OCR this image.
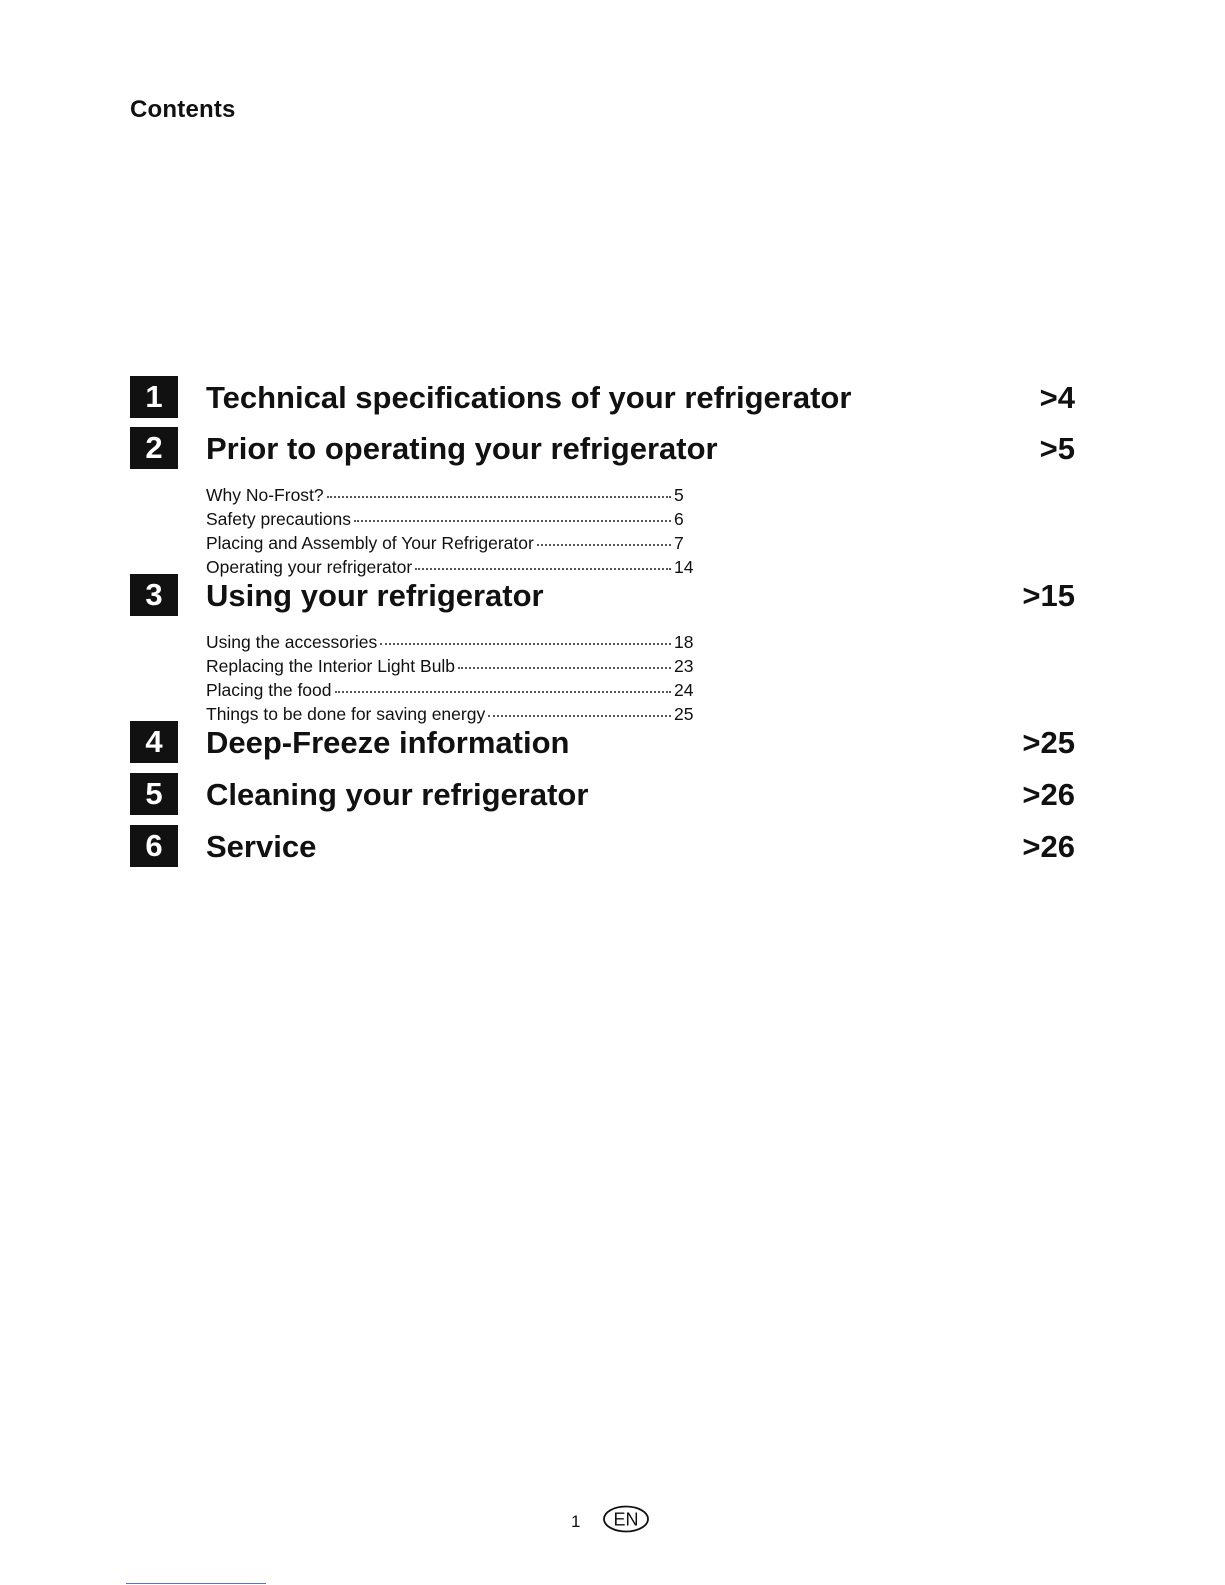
Contents
1	Technical specifications of your refrigerator	>4
2	Prior to operating your refrigerator	>5
Why No-Frost?	5
Safety precautions	6
Placing and Assembly of Your Refrigerator	7
Operating your refrigerator	14
3	Using your refrigerator	>15
Using the accessories	18
Replacing the Interior Light Bulb	23
Placing the food	24
Things to be done for saving energy	25
4	Deep-Freeze information	>25
5	Cleaning your refrigerator	>26
6	Service	>26
1 EN
